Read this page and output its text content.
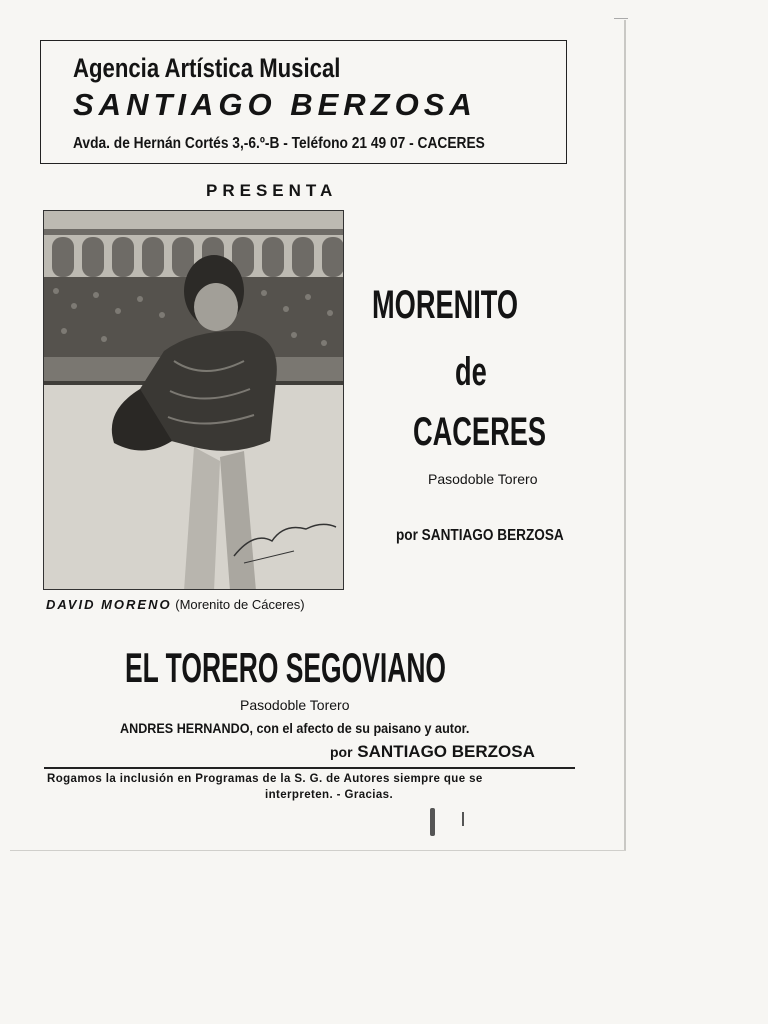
Agencia Artística Musical
SANTIAGO BERZOSA
Avda. de Hernán Cortés 3,-6.º-B - Teléfono 21 49 07 - CACERES
PRESENTA
DAVID MORENO (Morenito de Cáceres)
MORENITO
de
CACERES
Pasodoble Torero
por SANTIAGO BERZOSA
EL TORERO SEGOVIANO
Pasodoble Torero
ANDRES HERNANDO, con el afecto de su paisano y autor.
por SANTIAGO BERZOSA
Rogamos la inclusión en Programas de la S. G. de Autores siempre que se
interpreten. - Gracias.
